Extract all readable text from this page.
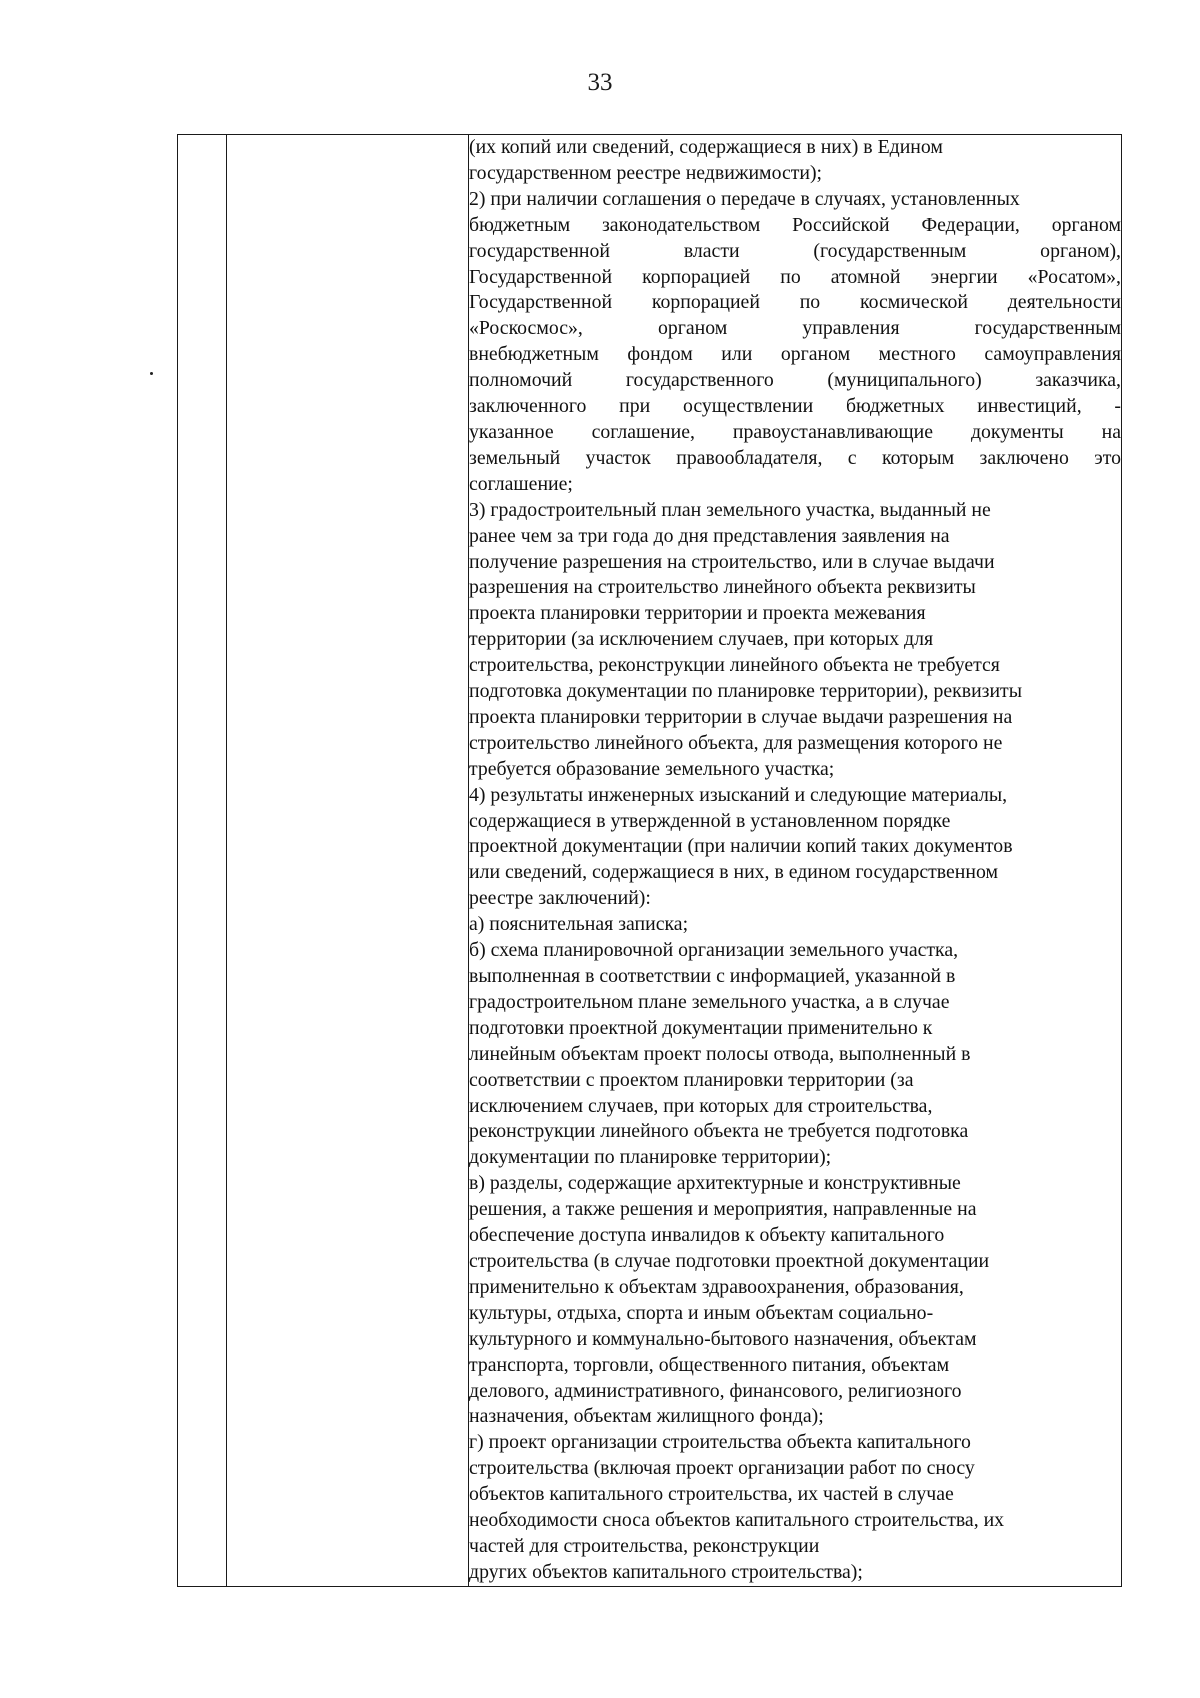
33

(их копий или сведений, содержащиеся в них) в Едином
государственном реестре недвижимости);
2) при наличии соглашения о передаче в случаях, установленных
бюджетным законодательством Российской Федерации, органом
государственной власти (государственным органом),
Государственной корпорацией по атомной энергии «Росатом»,
Государственной корпорацией по космической деятельности
«Роскосмос», органом управления государственным
внебюджетным фондом или органом местного самоуправления
полномочий государственного (муниципального) заказчика,
заключенного при осуществлении бюджетных инвестиций, -
указанное соглашение, правоустанавливающие документы на
земельный участок правообладателя, с которым заключено это
соглашение;
3) градостроительный план земельного участка, выданный не
ранее чем за три года до дня представления заявления на
получение разрешения на строительство, или в случае выдачи
разрешения на строительство линейного объекта реквизиты
проекта планировки территории и проекта межевания
территории (за исключением случаев, при которых для
строительства, реконструкции линейного объекта не требуется
подготовка документации по планировке территории), реквизиты
проекта планировки территории в случае выдачи разрешения на
строительство линейного объекта, для размещения которого не
требуется образование земельного участка;
4) результаты инженерных изысканий и следующие материалы,
содержащиеся в утвержденной в установленном порядке
проектной документации (при наличии копий таких документов
или сведений, содержащиеся в них, в едином государственном
реестре заключений):
а) пояснительная записка;
б) схема планировочной организации земельного участка,
выполненная в соответствии с информацией, указанной в
градостроительном плане земельного участка, а в случае
подготовки проектной документации применительно к
линейным объектам проект полосы отвода, выполненный в
соответствии с проектом планировки территории (за
исключением случаев, при которых для строительства,
реконструкции линейного объекта не требуется подготовка
документации по планировке территории);
в) разделы, содержащие архитектурные и конструктивные
решения, а также решения и мероприятия, направленные на
обеспечение доступа инвалидов к объекту капитального
строительства (в случае подготовки проектной документации
применительно к объектам здравоохранения, образования,
культуры, отдыха, спорта и иным объектам социально-
культурного и коммунально-бытового назначения, объектам
транспорта, торговли, общественного питания, объектам
делового, административного, финансового, религиозного
назначения, объектам жилищного фонда);
г) проект организации строительства объекта капитального
строительства (включая проект организации работ по сносу
объектов капитального строительства, их частей в случае
необходимости сноса объектов капитального строительства, их
частей для строительства, реконструкции
других объектов капитального строительства);
